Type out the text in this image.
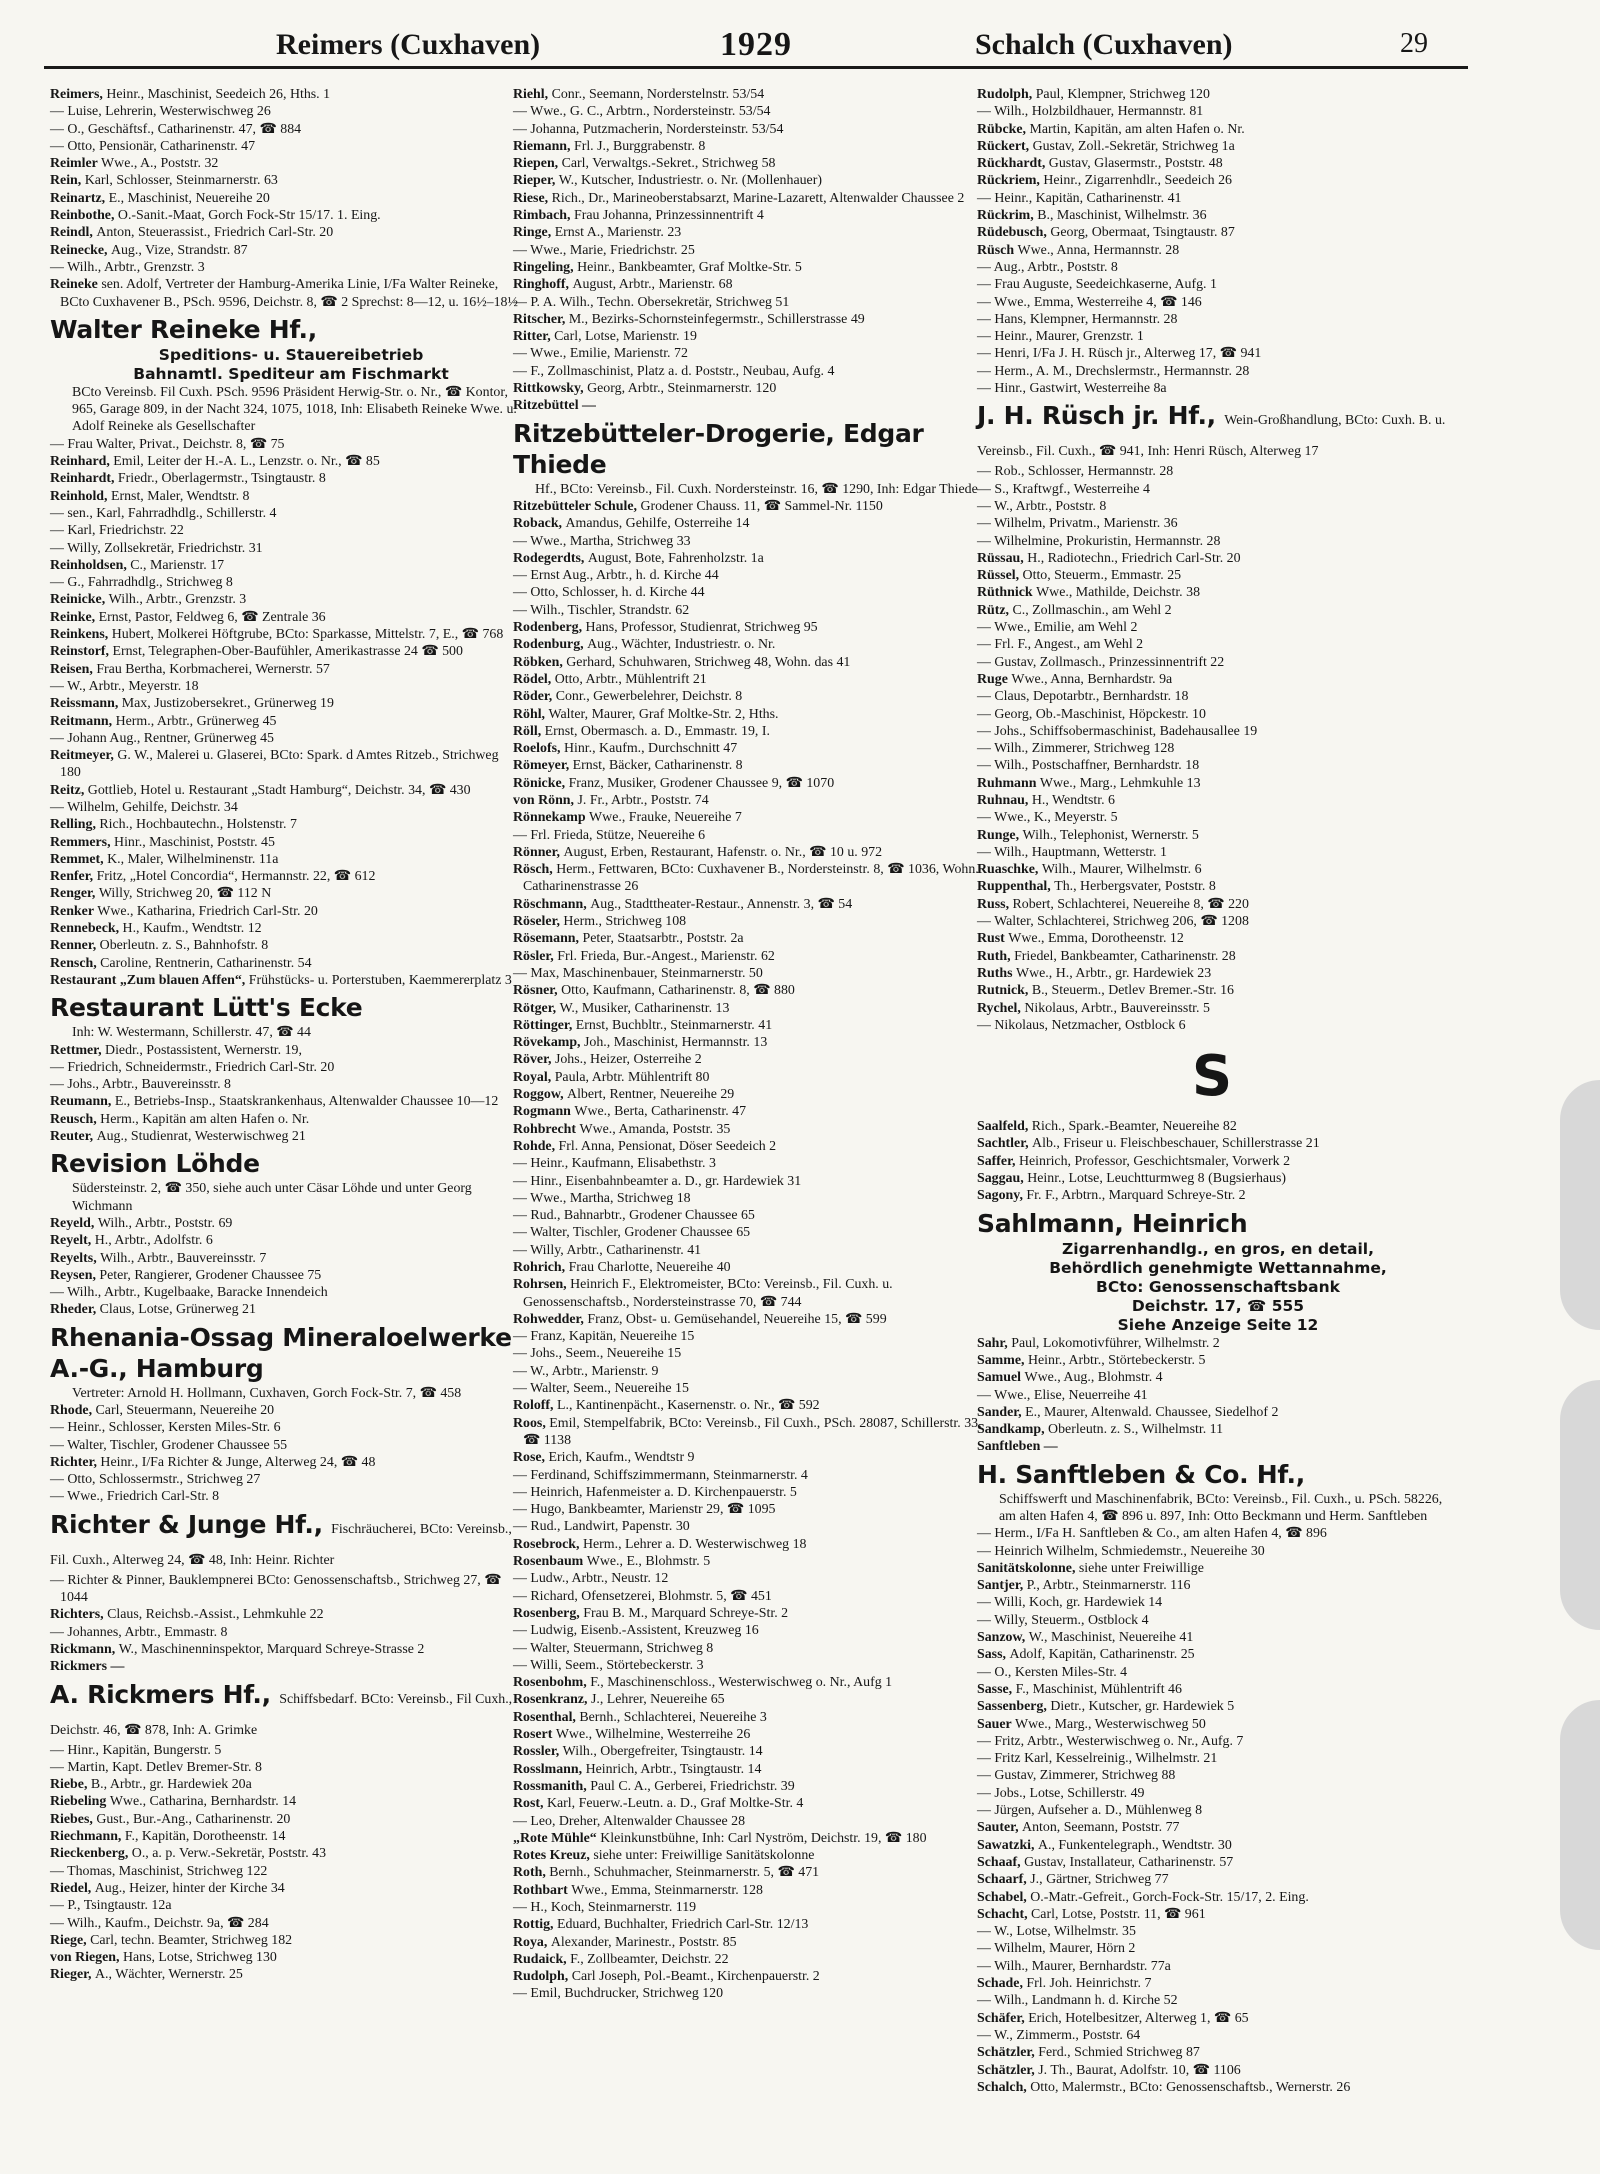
Reimers (Cuxhaven)	1929	Schalch (Cuxhaven)	29

Reimers, Heinr., Maschinist, Seedeich 26, Hths. 1

— Luise, Lehrerin, Westerwischweg 26

— O., Geschäftsf., Catharinenstr. 47, ☎ 884

— Otto, Pensionär, Catharinenstr. 47

Reimler Wwe., A., Poststr. 32

Rein, Karl, Schlosser, Steinmarnerstr. 63

Reinartz, E., Maschinist, Neuereihe 20

Reinbothe, O.-Sanit.-Maat, Gorch Fock-Str 15/17. 1. Eing.

Reindl, Anton, Steuerassist., Friedrich Carl-Str. 20

Reinecke, Aug., Vize, Strandstr. 87

— Wilh., Arbtr., Grenzstr. 3

Reineke sen. Adolf, Vertreter der Hamburg-Amerika Linie, I/Fa Walter Reineke, BCto Cuxhavener B., PSch. 9596, Deichstr. 8, ☎ 2 Sprechst: 8—12, u. 16½–18½

Walter Reineke Hf.,

Speditions- u. Stauereibetrieb

Bahnamtl. Spediteur am Fischmarkt

BCto Vereinsb. Fil Cuxh. PSch. 9596 Präsident Herwig-Str. o. Nr., ☎ Kontor, 965, Garage 809, in der Nacht 324, 1075, 1018, Inh: Elisabeth Reineke Wwe. u. Adolf Reineke als Gesellschafter

— Frau Walter, Privat., Deichstr. 8, ☎ 75

Reinhard, Emil, Leiter der H.-A. L., Lenzstr. o. Nr., ☎ 85

Reinhardt, Friedr., Oberlagermstr., Tsingtaustr. 8

Reinhold, Ernst, Maler, Wendtstr. 8

— sen., Karl, Fahrradhdlg., Schillerstr. 4

— Karl, Friedrichstr. 22

— Willy, Zollsekretär, Friedrichstr. 31

Reinholdsen, C., Marienstr. 17

— G., Fahrradhdlg., Strichweg 8

Reinicke, Wilh., Arbtr., Grenzstr. 3

Reinke, Ernst, Pastor, Feldweg 6, ☎ Zentrale 36

Reinkens, Hubert, Molkerei Höftgrube, BCto: Sparkasse, Mittelstr. 7, E., ☎ 768

Reinstorf, Ernst, Telegraphen-Ober-Baufühler, Amerikastrasse 24 ☎ 500

Reisen, Frau Bertha, Korbmacherei, Wernerstr. 57

— W., Arbtr., Meyerstr. 18

Reissmann, Max, Justizobersekret., Grünerweg 19

Reitmann, Herm., Arbtr., Grünerweg 45

— Johann Aug., Rentner, Grünerweg 45

Reitmeyer, G. W., Malerei u. Glaserei, BCto: Spark. d Amtes Ritzeb., Strichweg 180

Reitz, Gottlieb, Hotel u. Restaurant „Stadt Hamburg“, Deichstr. 34, ☎ 430

— Wilhelm, Gehilfe, Deichstr. 34

Relling, Rich., Hochbautechn., Holstenstr. 7

Remmers, Hinr., Maschinist, Poststr. 45

Remmet, K., Maler, Wilhelminenstr. 11a

Renfer, Fritz, „Hotel Concordia“, Hermannstr. 22, ☎ 612

Renger, Willy, Strichweg 20, ☎ 112 N

Renker Wwe., Katharina, Friedrich Carl-Str. 20

Rennebeck, H., Kaufm., Wendtstr. 12

Renner, Oberleutn. z. S., Bahnhofstr. 8

Rensch, Caroline, Rentnerin, Catharinenstr. 54

Restaurant „Zum blauen Affen“, Frühstücks- u. Porterstuben, Kaemmererplatz 3

Restaurant Lütt's Ecke

Inh: W. Westermann, Schillerstr. 47, ☎ 44

Rettmer, Diedr., Postassistent, Wernerstr. 19,

— Friedrich, Schneidermstr., Friedrich Carl-Str. 20

— Johs., Arbtr., Bauvereinsstr. 8

Reumann, E., Betriebs-Insp., Staatskrankenhaus, Altenwalder Chaussee 10—12

Reusch, Herm., Kapitän am alten Hafen o. Nr.

Reuter, Aug., Studienrat, Westerwischweg 21

Revision Löhde

Südersteinstr. 2, ☎ 350, siehe auch unter Cäsar Löhde und unter Georg Wichmann

Reyeld, Wilh., Arbtr., Poststr. 69

Reyelt, H., Arbtr., Adolfstr. 6

Reyelts, Wilh., Arbtr., Bauvereinsstr. 7

Reysen, Peter, Rangierer, Grodener Chaussee 75

— Wilh., Arbtr., Kugelbaake, Baracke Innendeich

Rheder, Claus, Lotse, Grünerweg 21

Rhenania-Ossag Mineraloelwerke A.-G., Hamburg

Vertreter: Arnold H. Hollmann, Cuxhaven, Gorch Fock-Str. 7, ☎ 458

Rhode, Carl, Steuermann, Neuereihe 20

— Heinr., Schlosser, Kersten Miles-Str. 6

— Walter, Tischler, Grodener Chaussee 55

Richter, Heinr., I/Fa Richter & Junge, Alterweg 24, ☎ 48

— Otto, Schlossermstr., Strichweg 27

— Wwe., Friedrich Carl-Str. 8

Richter & Junge Hf., Fischräucherei, BCto: Vereinsb., Fil. Cuxh., Alterweg 24, ☎ 48, Inh: Heinr. Richter

— Richter & Pinner, Bauklempnerei BCto: Genossenschaftsb., Strichweg 27, ☎ 1044

Richters, Claus, Reichsb.-Assist., Lehmkuhle 22

— Johannes, Arbtr., Emmastr. 8

Rickmann, W., Maschinenninspektor, Marquard Schreye-Strasse 2

Rickmers —

A. Rickmers Hf., Schiffsbedarf. BCto: Vereinsb., Fil Cuxh., Deichstr. 46, ☎ 878, Inh: A. Grimke

— Hinr., Kapitän, Bungerstr. 5

— Martin, Kapt. Detlev Bremer-Str. 8

Riebe, B., Arbtr., gr. Hardewiek 20a

Riebeling Wwe., Catharina, Bernhardstr. 14

Riebes, Gust., Bur.-Ang., Catharinenstr. 20

Riechmann, F., Kapitän, Dorotheenstr. 14

Rieckenberg, O., a. p. Verw.-Sekretär, Poststr. 43

— Thomas, Maschinist, Strichweg 122

Riedel, Aug., Heizer, hinter der Kirche 34

— P., Tsingtaustr. 12a

— Wilh., Kaufm., Deichstr. 9a, ☎ 284

Riege, Carl, techn. Beamter, Strichweg 182

von Riegen, Hans, Lotse, Strichweg 130

Rieger, A., Wächter, Wernerstr. 25

Riehl, Conr., Seemann, Norderstelnstr. 53/54

— Wwe., G. C., Arbtrn., Nordersteinstr. 53/54

— Johanna, Putzmacherin, Nordersteinstr. 53/54

Riemann, Frl. J., Burggrabenstr. 8

Riepen, Carl, Verwaltgs.-Sekret., Strichweg 58

Rieper, W., Kutscher, Industriestr. o. Nr. (Mollenhauer)

Riese, Rich., Dr., Marineoberstabsarzt, Marine-Lazarett, Altenwalder Chaussee 2

Rimbach, Frau Johanna, Prinzessinnentrift 4

Ringe, Ernst A., Marienstr. 23

— Wwe., Marie, Friedrichstr. 25

Ringeling, Heinr., Bankbeamter, Graf Moltke-Str. 5

Ringhoff, August, Arbtr., Marienstr. 68

— P. A. Wilh., Techn. Obersekretär, Strichweg 51

Ritscher, M., Bezirks-Schornsteinfegermstr., Schillerstrasse 49

Ritter, Carl, Lotse, Marienstr. 19

— Wwe., Emilie, Marienstr. 72

— F., Zollmaschinist, Platz a. d. Poststr., Neubau, Aufg. 4

Rittkowsky, Georg, Arbtr., Steinmarnerstr. 120

Ritzebüttel —

Ritzebütteler-Drogerie, Edgar Thiede

Hf., BCto: Vereinsb., Fil. Cuxh. Nordersteinstr. 16, ☎ 1290, Inh: Edgar Thiede

Ritzebütteler Schule, Grodener Chauss. 11, ☎ Sammel-Nr. 1150

Roback, Amandus, Gehilfe, Osterreihe 14

— Wwe., Martha, Strichweg 33

Rodegerdts, August, Bote, Fahrenholzstr. 1a

— Ernst Aug., Arbtr., h. d. Kirche 44

— Otto, Schlosser, h. d. Kirche 44

— Wilh., Tischler, Strandstr. 62

Rodenberg, Hans, Professor, Studienrat, Strichweg 95

Rodenburg, Aug., Wächter, Industriestr. o. Nr.

Röbken, Gerhard, Schuhwaren, Strichweg 48, Wohn. das 41

Rödel, Otto, Arbtr., Mühlentrift 21

Röder, Conr., Gewerbelehrer, Deichstr. 8

Röhl, Walter, Maurer, Graf Moltke-Str. 2, Hths.

Röll, Ernst, Obermasch. a. D., Emmastr. 19, I.

Roelofs, Hinr., Kaufm., Durchschnitt 47

Römeyer, Ernst, Bäcker, Catharinenstr. 8

Rönicke, Franz, Musiker, Grodener Chaussee 9, ☎ 1070

von Rönn, J. Fr., Arbtr., Poststr. 74

Rönnekamp Wwe., Frauke, Neuereihe 7

— Frl. Frieda, Stütze, Neuereihe 6

Rönner, August, Erben, Restaurant, Hafenstr. o. Nr., ☎ 10 u. 972

Rösch, Herm., Fettwaren, BCto: Cuxhavener B., Nordersteinstr. 8, ☎ 1036, Wohn. Catharinenstrasse 26

Röschmann, Aug., Stadttheater-Restaur., Annenstr. 3, ☎ 54

Röseler, Herm., Strichweg 108

Rösemann, Peter, Staatsarbtr., Poststr. 2a

Rösler, Frl. Frieda, Bur.-Angest., Marienstr. 62

— Max, Maschinenbauer, Steinmarnerstr. 50

Rösner, Otto, Kaufmann, Catharinenstr. 8, ☎ 880

Rötger, W., Musiker, Catharinenstr. 13

Röttinger, Ernst, Buchbltr., Steinmarnerstr. 41

Rövekamp, Joh., Maschinist, Hermannstr. 13

Röver, Johs., Heizer, Osterreihe 2

Royal, Paula, Arbtr. Mühlentrift 80

Roggow, Albert, Rentner, Neuereihe 29

Rogmann Wwe., Berta, Catharinenstr. 47

Rohbrecht Wwe., Amanda, Poststr. 35

Rohde, Frl. Anna, Pensionat, Döser Seedeich 2

— Heinr., Kaufmann, Elisabethstr. 3

— Hinr., Eisenbahnbeamter a. D., gr. Hardewiek 31

— Wwe., Martha, Strichweg 18

— Rud., Bahnarbtr., Grodener Chaussee 65

— Walter, Tischler, Grodener Chaussee 65

— Willy, Arbtr., Catharinenstr. 41

Rohrich, Frau Charlotte, Neuereihe 40

Rohrsen, Heinrich F., Elektromeister, BCto: Vereinsb., Fil. Cuxh. u. Genossenschaftsb., Nordersteinstrasse 70, ☎ 744

Rohwedder, Franz, Obst- u. Gemüsehandel, Neuereihe 15, ☎ 599

— Franz, Kapitän, Neuereihe 15

— Johs., Seem., Neuereihe 15

— W., Arbtr., Marienstr. 9

— Walter, Seem., Neuereihe 15

Roloff, L., Kantinenpächt., Kasernenstr. o. Nr., ☎ 592

Roos, Emil, Stempelfabrik, BCto: Vereinsb., Fil Cuxh., PSch. 28087, Schillerstr. 33, ☎ 1138

Rose, Erich, Kaufm., Wendtstr 9

— Ferdinand, Schiffszimmermann, Steinmarnerstr. 4

— Heinrich, Hafenmeister a. D. Kirchenpauerstr. 5

— Hugo, Bankbeamter, Marienstr 29, ☎ 1095

— Rud., Landwirt, Papenstr. 30

Rosebrock, Herm., Lehrer a. D. Westerwischweg 18

Rosenbaum Wwe., E., Blohmstr. 5

— Ludw., Arbtr., Neustr. 12

— Richard, Ofensetzerei, Blohmstr. 5, ☎ 451

Rosenberg, Frau B. M., Marquard Schreye-Str. 2

— Ludwig, Eisenb.-Assistent, Kreuzweg 16

— Walter, Steuermann, Strichweg 8

— Willi, Seem., Störtebeckerstr. 3

Rosenbohm, F., Maschinenschloss., Westerwischweg o. Nr., Aufg 1

Rosenkranz, J., Lehrer, Neuereihe 65

Rosenthal, Bernh., Schlachterei, Neuereihe 3

Rosert Wwe., Wilhelmine, Westerreihe 26

Rossler, Wilh., Obergefreiter, Tsingtaustr. 14

Rosslmann, Heinrich, Arbtr., Tsingtaustr. 14

Rossmanith, Paul C. A., Gerberei, Friedrichstr. 39

Rost, Karl, Feuerw.-Leutn. a. D., Graf Moltke-Str. 4

— Leo, Dreher, Altenwalder Chaussee 28

„Rote Mühle“ Kleinkunstbühne, Inh: Carl Nyström, Deichstr. 19, ☎ 180

Rotes Kreuz, siehe unter: Freiwillige Sanitätskolonne

Roth, Bernh., Schuhmacher, Steinmarnerstr. 5, ☎ 471

Rothbart Wwe., Emma, Steinmarnerstr. 128

— H., Koch, Steinmarnerstr. 119

Rottig, Eduard, Buchhalter, Friedrich Carl-Str. 12/13

Roya, Alexander, Marinestr., Poststr. 85

Rudaick, F., Zollbeamter, Deichstr. 22

Rudolph, Carl Joseph, Pol.-Beamt., Kirchenpauerstr. 2

— Emil, Buchdrucker, Strichweg 120

Rudolph, Paul, Klempner, Strichweg 120

— Wilh., Holzbildhauer, Hermannstr. 81

Rübcke, Martin, Kapitän, am alten Hafen o. Nr.

Rückert, Gustav, Zoll.-Sekretär, Strichweg 1a

Rückhardt, Gustav, Glasermstr., Poststr. 48

Rückriem, Heinr., Zigarrenhdlr., Seedeich 26

— Heinr., Kapitän, Catharinenstr. 41

Rückrim, B., Maschinist, Wilhelmstr. 36

Rüdebusch, Georg, Obermaat, Tsingtaustr. 87

Rüsch Wwe., Anna, Hermannstr. 28

— Aug., Arbtr., Poststr. 8

— Frau Auguste, Seedeichkaserne, Aufg. 1

— Wwe., Emma, Westerreihe 4, ☎ 146

— Hans, Klempner, Hermannstr. 28

— Heinr., Maurer, Grenzstr. 1

— Henri, I/Fa J. H. Rüsch jr., Alterweg 17, ☎ 941

— Herm., A. M., Drechslermstr., Hermannstr. 28

— Hinr., Gastwirt, Westerreihe 8a

J. H. Rüsch jr. Hf., Wein-Großhandlung, BCto: Cuxh. B. u. Vereinsb., Fil. Cuxh., ☎ 941, Inh: Henri Rüsch, Alterweg 17

— Rob., Schlosser, Hermannstr. 28

— S., Kraftwgf., Westerreihe 4

— W., Arbtr., Poststr. 8

— Wilhelm, Privatm., Marienstr. 36

— Wilhelmine, Prokuristin, Hermannstr. 28

Rüssau, H., Radiotechn., Friedrich Carl-Str. 20

Rüssel, Otto, Steuerm., Emmastr. 25

Rüthnick Wwe., Mathilde, Deichstr. 38

Rütz, C., Zollmaschin., am Wehl 2

— Wwe., Emilie, am Wehl 2

— Frl. F., Angest., am Wehl 2

— Gustav, Zollmasch., Prinzessinnentrift 22

Ruge Wwe., Anna, Bernhardstr. 9a

— Claus, Depotarbtr., Bernhardstr. 18

— Georg, Ob.-Maschinist, Höpckestr. 10

— Johs., Schiffsobermaschinist, Badehausallee 19

— Wilh., Zimmerer, Strichweg 128

— Wilh., Postschaffner, Bernhardstr. 18

Ruhmann Wwe., Marg., Lehmkuhle 13

Ruhnau, H., Wendtstr. 6

— Wwe., K., Meyerstr. 5

Runge, Wilh., Telephonist, Wernerstr. 5

— Wilh., Hauptmann, Wetterstr. 1

Ruaschke, Wilh., Maurer, Wilhelmstr. 6

Ruppenthal, Th., Herbergsvater, Poststr. 8

Russ, Robert, Schlachterei, Neuereihe 8, ☎ 220

— Walter, Schlachterei, Strichweg 206, ☎ 1208

Rust Wwe., Emma, Dorotheenstr. 12

Ruth, Friedel, Bankbeamter, Catharinenstr. 28

Ruths Wwe., H., Arbtr., gr. Hardewiek 23

Rutnick, B., Steuerm., Detlev Bremer.-Str. 16

Rychel, Nikolaus, Arbtr., Bauvereinsstr. 5

— Nikolaus, Netzmacher, Ostblock 6

S

Saalfeld, Rich., Spark.-Beamter, Neuereihe 82

Sachtler, Alb., Friseur u. Fleischbeschauer, Schillerstrasse 21

Saffer, Heinrich, Professor, Geschichtsmaler, Vorwerk 2

Saggau, Heinr., Lotse, Leuchtturmweg 8 (Bugsierhaus)

Sagony, Fr. F., Arbtrn., Marquard Schreye-Str. 2

Sahlmann, Heinrich

Zigarrenhandlg., en gros, en detail,

Behördlich genehmigte Wettannahme,

BCto: Genossenschaftsbank

Deichstr. 17, ☎ 555

Siehe Anzeige Seite 12

Sahr, Paul, Lokomotivführer, Wilhelmstr. 2

Samme, Heinr., Arbtr., Störtebeckerstr. 5

Samuel Wwe., Aug., Blohmstr. 4

— Wwe., Elise, Neuerreihe 41

Sander, E., Maurer, Altenwald. Chaussee, Siedelhof 2

Sandkamp, Oberleutn. z. S., Wilhelmstr. 11

Sanftleben —

H. Sanftleben & Co. Hf.,

Schiffswerft und Maschinenfabrik, BCto: Vereinsb., Fil. Cuxh., u. PSch. 58226, am alten Hafen 4, ☎ 896 u. 897, Inh: Otto Beckmann und Herm. Sanftleben

— Herm., I/Fa H. Sanftleben & Co., am alten Hafen 4, ☎ 896

— Heinrich Wilhelm, Schmiedemstr., Neuereihe 30

Sanitätskolonne, siehe unter Freiwillige

Santjer, P., Arbtr., Steinmarnerstr. 116

— Willi, Koch, gr. Hardewiek 14

— Willy, Steuerm., Ostblock 4

Sanzow, W., Maschinist, Neuereihe 41

Sass, Adolf, Kapitän, Catharinenstr. 25

— O., Kersten Miles-Str. 4

Sasse, F., Maschinist, Mühlentrift 46

Sassenberg, Dietr., Kutscher, gr. Hardewiek 5

Sauer Wwe., Marg., Westerwischweg 50

— Fritz, Arbtr., Westerwischweg o. Nr., Aufg. 7

— Fritz Karl, Kesselreinig., Wilhelmstr. 21

— Gustav, Zimmerer, Strichweg 88

— Jobs., Lotse, Schillerstr. 49

— Jürgen, Aufseher a. D., Mühlenweg 8

Sauter, Anton, Seemann, Poststr. 77

Sawatzki, A., Funkentelegraph., Wendtstr. 30

Schaaf, Gustav, Installateur, Catharinenstr. 57

Schaarf, J., Gärtner, Strichweg 77

Schabel, O.-Matr.-Gefreit., Gorch-Fock-Str. 15/17, 2. Eing.

Schacht, Carl, Lotse, Poststr. 11, ☎ 961

— W., Lotse, Wilhelmstr. 35

— Wilhelm, Maurer, Hörn 2

— Wilh., Maurer, Bernhardstr. 77a

Schade, Frl. Joh. Heinrichstr. 7

— Wilh., Landmann h. d. Kirche 52

Schäfer, Erich, Hotelbesitzer, Alterweg 1, ☎ 65

— W., Zimmerm., Poststr. 64

Schätzler, Ferd., Schmied Strichweg 87

Schätzler, J. Th., Baurat, Adolfstr. 10, ☎ 1106

Schalch, Otto, Malermstr., BCto: Genossenschaftsb., Wernerstr. 26
